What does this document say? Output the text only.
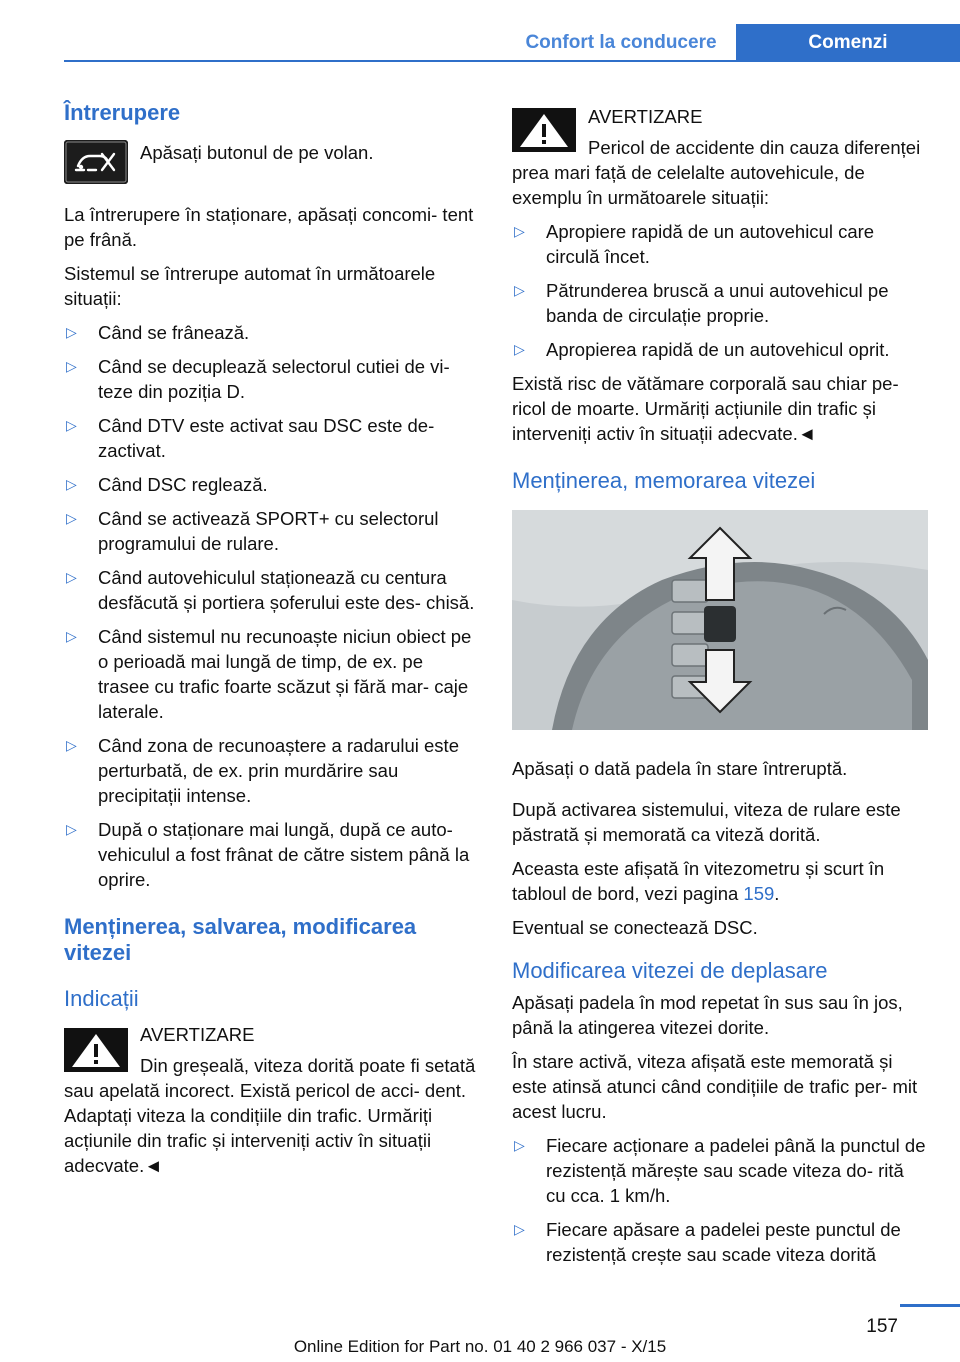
Confort la conducere	Comenzi
Întrerupere
Apăsați butonul de pe volan.

La întrerupere în staționare, apăsați concomi‐ tent pe frână.

Sistemul se întrerupe automat în următoarele situații:

▷ Când se frânează.
▷ Când se decuplează selectorul cutiei de vi‐ teze din poziția D.
▷ Când DTV este activat sau DSC este de‐ zactivat.
▷ Când DSC reglează.
▷ Când se activează SPORT+ cu selectorul programului de rulare.
▷ Când autovehiculul staționează cu centura desfăcută și portiera șoferului este des‐ chisă.
▷ Când sistemul nu recunoaște niciun obiect pe o perioadă mai lungă de timp, de ex. pe trasee cu trafic foarte scăzut și fără mar‐ caje laterale.
▷ Când zona de recunoaștere a radarului este perturbată, de ex. prin murdărire sau precipitații intense.
▷ După o staționare mai lungă, după ce auto‐ vehiculul a fost frânat de către sistem până la oprire.
Menținerea, salvarea, modificarea vitezei
Indicații
AVERTIZARE
Din greșeală, viteza dorită poate fi setată sau apelată incorect. Există pericol de acci‐ dent. Adaptați viteza la condițiile din trafic. Urmăriți acțiunile din trafic și interveniți activ în situații adecvate.◄
AVERTIZARE
Pericol de accidente din cauza diferenței prea mari față de celelalte autovehicule, de exemplu în următoarele situații:
▷ Apropiere rapidă de un autovehicul care circulă încet.
▷ Pătrunderea bruscă a unui autovehicul pe banda de circulație proprie.
▷ Apropierea rapidă de un autovehicul oprit.

Există risc de vătămare corporală sau chiar pe‐ ricol de moarte. Urmăriți acțiunile din trafic și interveniți activ în situații adecvate.◄

Menținerea, memorarea vitezei

Apăsați o dată padela în stare întreruptă.

După activarea sistemului, viteza de rulare este păstrată și memorată ca viteză dorită.

Aceasta este afișată în vitezometru și scurt în tabloul de bord, vezi pagina 159.

Eventual se conectează DSC.

Modificarea vitezei de deplasare

Apăsați padela în mod repetat în sus sau în jos, până la atingerea vitezei dorite.

În stare activă, viteza afișată este memorată și este atinsă atunci când condițiile de trafic per‐ mit acest lucru.

▷ Fiecare acționare a padelei până la punctul de rezistență mărește sau scade viteza do‐ rită cu cca. 1 km/h.
▷ Fiecare apăsare a padelei peste punctul de rezistență crește sau scade viteza dorită
157
Online Edition for Part no. 01 40 2 966 037 - X/15
